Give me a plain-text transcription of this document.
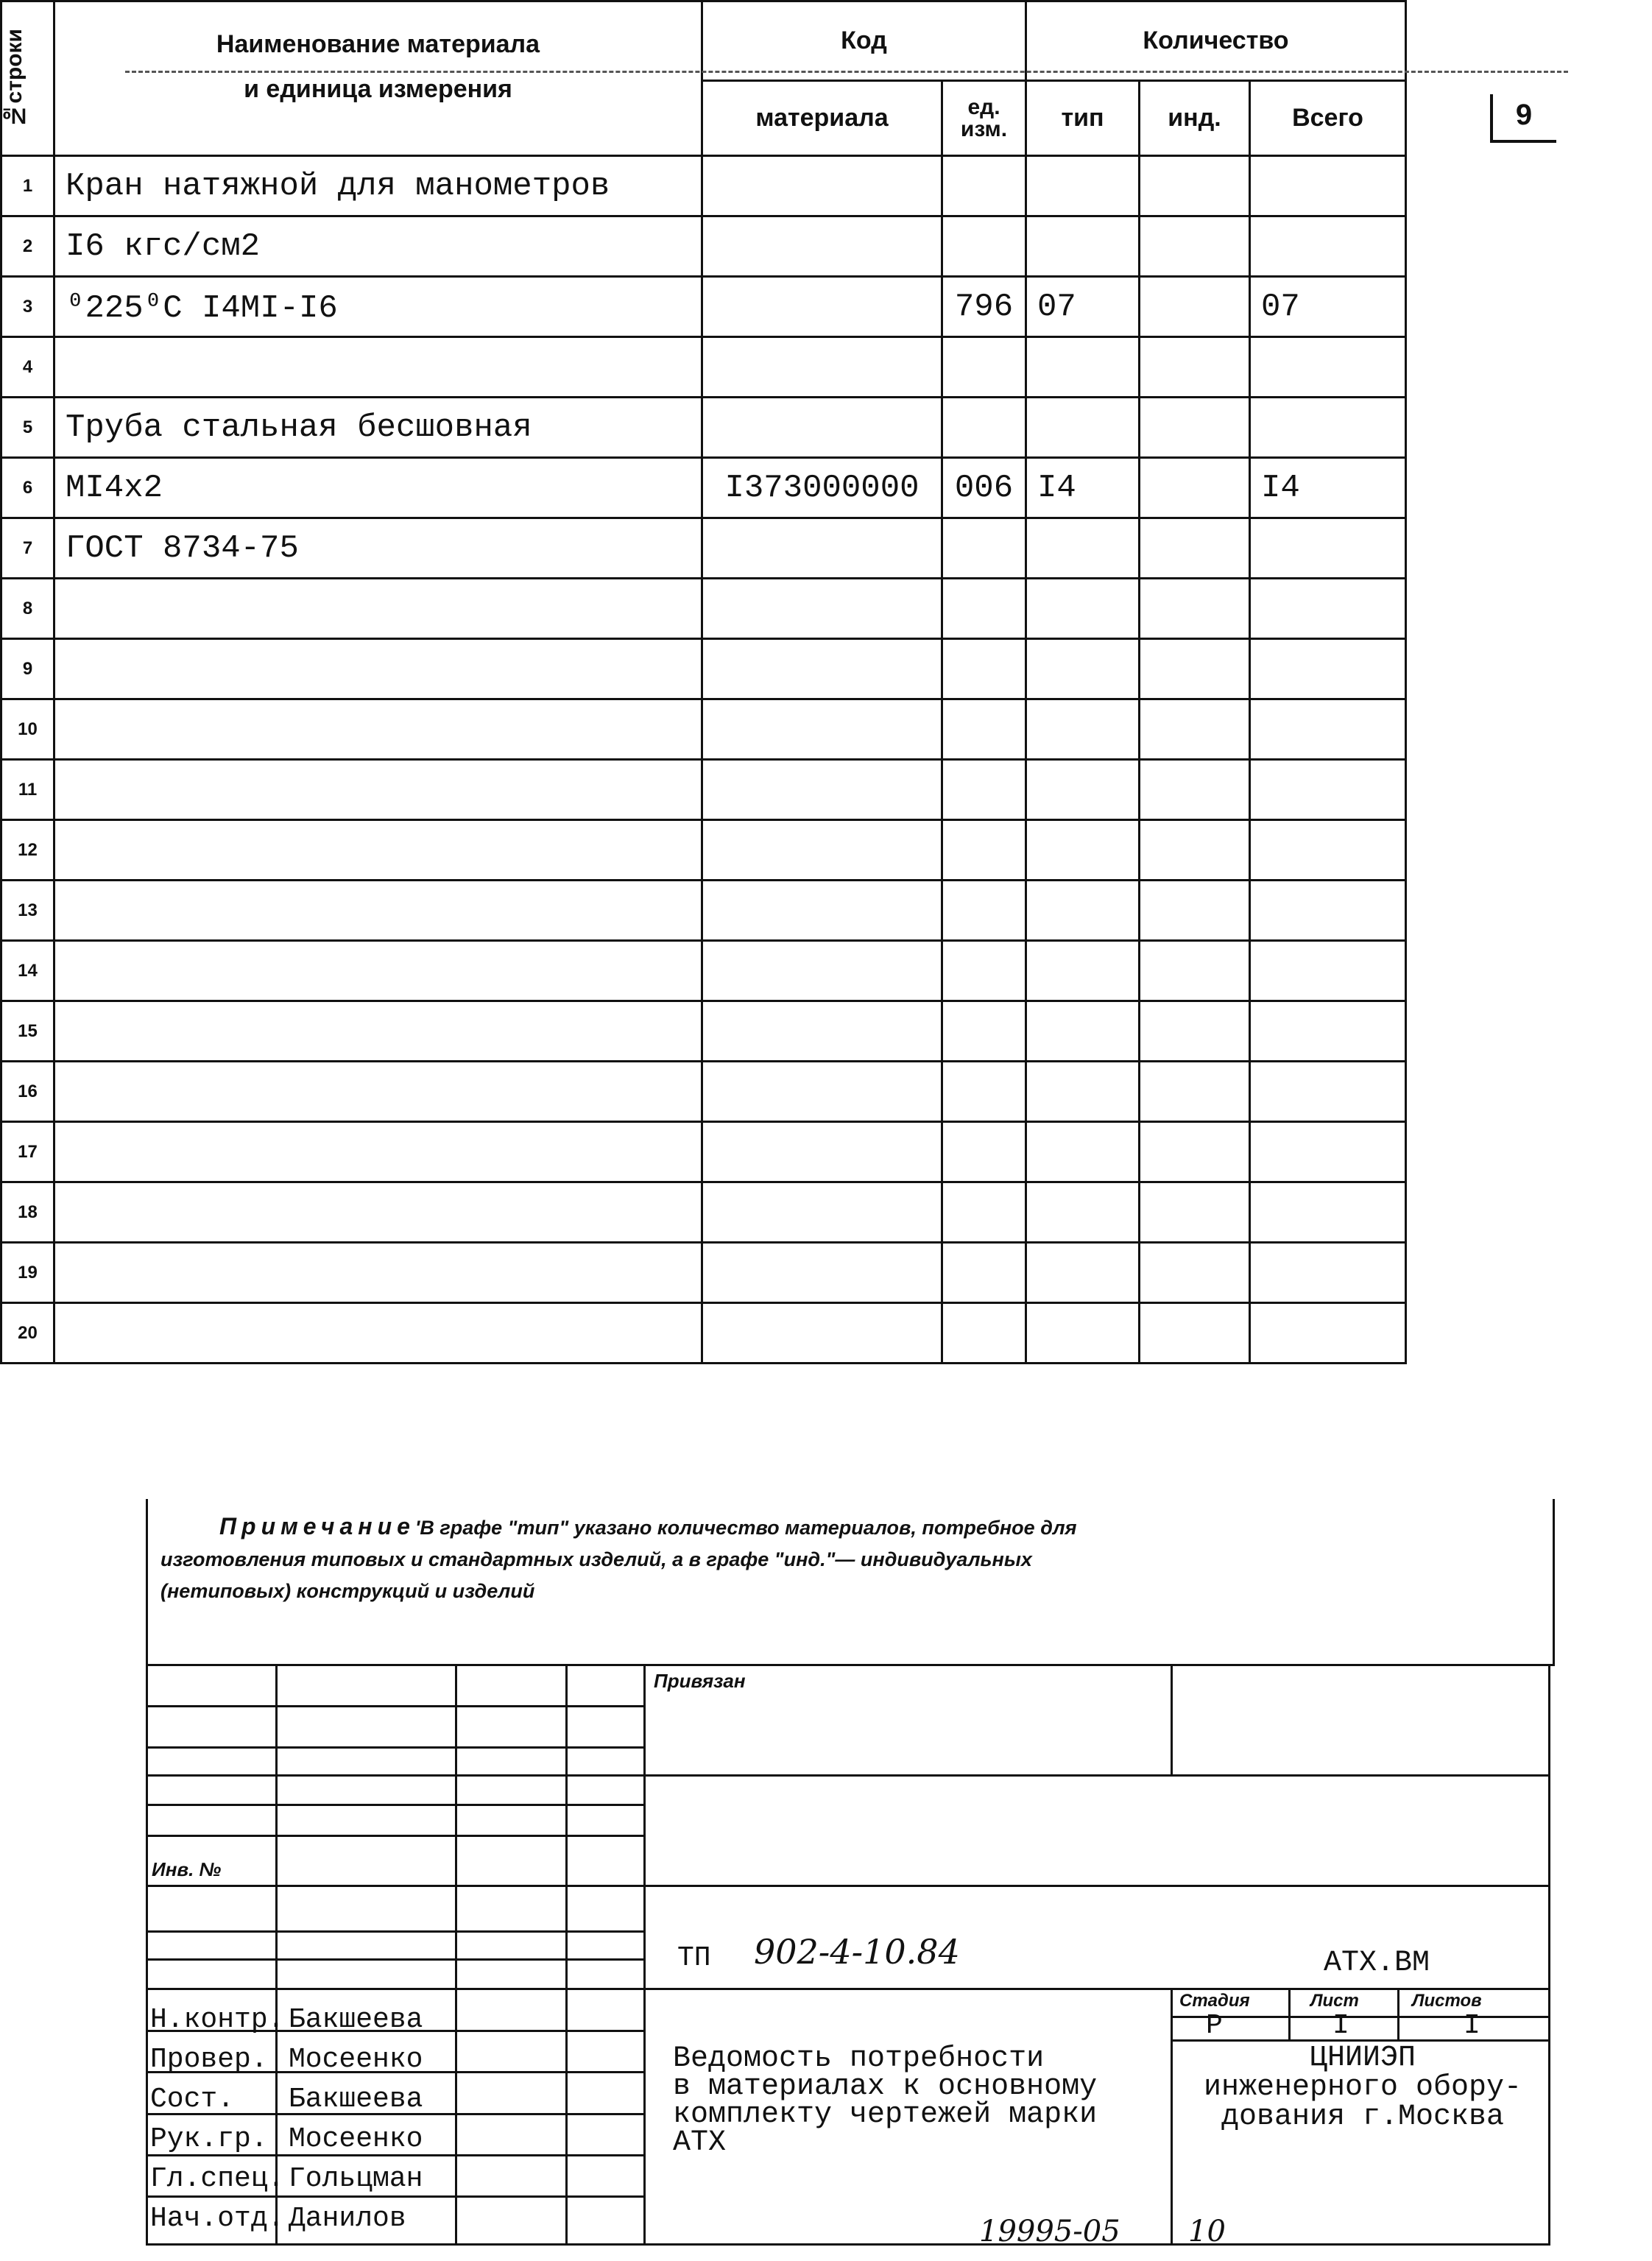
9
№строки	Наименование материала
и единица измерения	Код		Количество		
		материала	ед. изм.	тип	инд.	Всего
1	Кран натяжной для манометров					
2	I6 кгс/см2					
3	⁰225⁰С I4MI-I6		796	07		07
4						
5	Труба стальная бесшовная					
6	MI4x2	I373000000	006	I4		I4
7	ГОСТ 8734-75					
8						
9						
10						
11						
12						
13						
14						
15						
16						
17						
18						
19						
20						
Примечание'В графе "тип" указано количество материалов, потребное для изготовления типовых и стандартных изделий, а в графе "инд."— индивидуальных (нетиповых) конструкций и изделий
Привязан
Инв. №
ТП 902-4-10.84	АТХ.ВМ
Н.контр. Бакшеева
Провер. Мосеенко
Сост. Бакшеева
Рук.гр. Мосеенко
Гл.спец. Гольцман
Нач.отд. Данилов
Ведомость потребности
в материалах к основному
комплекту чертежей марки
АТХ
Стадия	Лист	Листов
Р	I	I
ЦНИИЭП
инженерного обору-
дования г.Москва
19995-05 10
